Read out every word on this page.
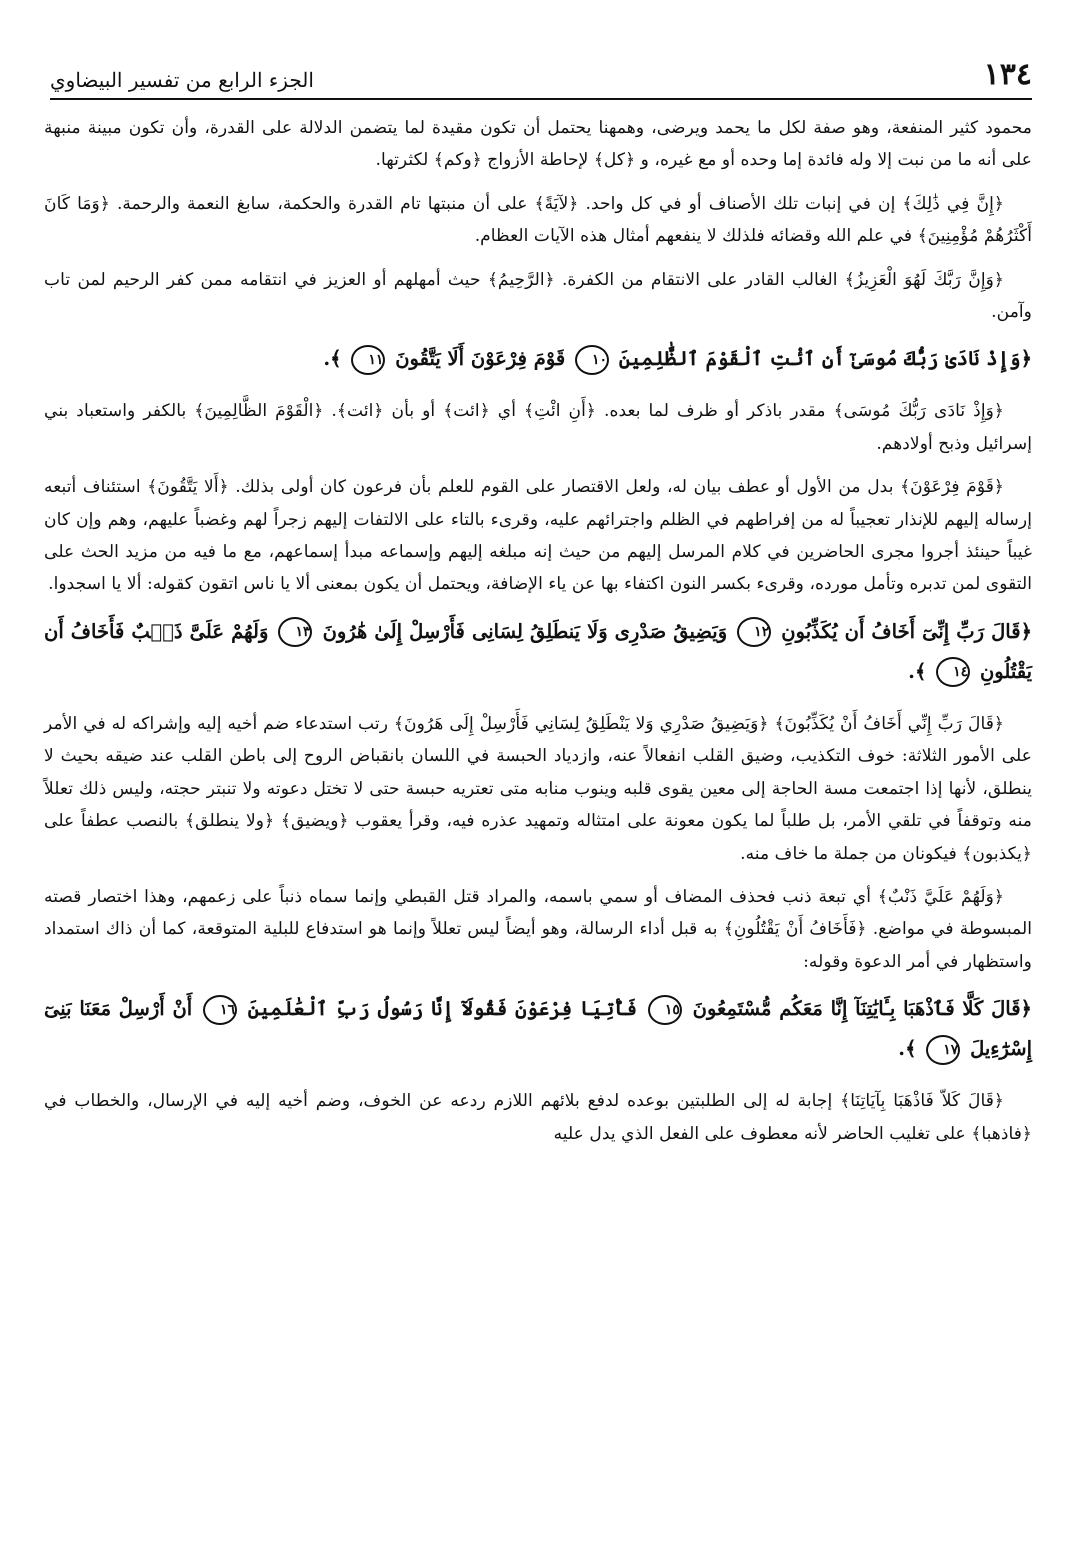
١٣٤
الجزء الرابع من تفسير البيضاوي

محمود كثير المنفعة، وهو صفة لكل ما يحمد ويرضى، وهمهنا يحتمل أن تكون مقيدة لما يتضمن الدلالة على القدرة، وأن تكون مبينة منبهة على أنه ما من نبت إلا وله فائدة إما وحده أو مع غيره، و ﴿كل﴾ لإحاطة الأزواج ﴿وكم﴾ لكثرتها.

﴿إِنَّ فِي ذَٰلِكَ﴾ إن في إنبات تلك الأصناف أو في كل واحد. ﴿لآيَةً﴾ على أن منبتها تام القدرة والحكمة، سابغ النعمة والرحمة. ﴿وَمَا كَانَ أَكْثَرُهُمْ مُؤْمِنِينَ﴾ في علم الله وقضائه فلذلك لا ينفعهم أمثال هذه الآيات العظام.

﴿وَإِنَّ رَبَّكَ لَهُوَ الْعَزِيزُ﴾ الغالب القادر على الانتقام من الكفرة. ﴿الرَّحِيمُ﴾ حيث أمهلهم أو العزيز في انتقامه ممن كفر الرحيم لمن تاب وآمن.

﴿وَإِذْ نَادَىٰ رَبُّكَ مُوسَىٰٓ أَنِ ٱئْتِ ٱلْقَوْمَ ٱلظَّٰلِمِينَ ١٠ قَوْمَ فِرْعَوْنَ أَلَا يَتَّقُونَ ١١ ﴾.

﴿وَإِذْ نَادَى رَبُّكَ مُوسَى﴾ مقدر باذكر أو ظرف لما بعده. ﴿أَنِ ائْتِ﴾ أي ﴿ائت﴾ أو بأن ﴿ائت﴾. ﴿الْقَوْمَ الظَّالِمِينَ﴾ بالكفر واستعباد بني إسرائيل وذبح أولادهم.

﴿قَوْمَ فِرْعَوْنَ﴾ بدل من الأول أو عطف بيان له، ولعل الاقتصار على القوم للعلم بأن فرعون كان أولى بذلك. ﴿أَلا يَتَّقُونَ﴾ استئناف أتبعه إرساله إليهم للإنذار تعجيباً له من إفراطهم في الظلم واجترائهم عليه، وقرىء بالتاء على الالتفات إليهم زجراً لهم وغضباً عليهم، وهم وإن كان غيباً حينئذ أجروا مجرى الحاضرين في كلام المرسل إليهم من حيث إنه مبلغه إليهم وإسماعه مبدأ إسماعهم، مع ما فيه من مزيد الحث على التقوى لمن تدبره وتأمل مورده، وقرىء بكسر النون اكتفاء بها عن ياء الإضافة، ويحتمل أن يكون بمعنى ألا يا ناس اتقون كقوله: ألا يا اسجدوا.

﴿قَالَ رَبِّ إِنِّىٓ أَخَافُ أَن يُكَذِّبُونِ ١٢ وَيَضِيقُ صَدْرِى وَلَا يَنطَلِقُ لِسَانِى فَأَرْسِلْ إِلَىٰ هَٰرُونَ ١٣ وَلَهُمْ عَلَىَّ ذَنۢبٌ فَأَخَافُ أَن يَقْتُلُونِ ١٤ ﴾.

﴿قَالَ رَبِّ إِنِّي أَخَافُ أَنْ يُكَذِّبُونَ﴾ ﴿وَيَضِيقُ صَدْرِي وَلا يَنْطَلِقُ لِسَانِي فَأَرْسِلْ إِلَى هَرُونَ﴾ رتب استدعاء ضم أخيه إليه وإشراكه له في الأمر على الأمور الثلاثة: خوف التكذيب، وضيق القلب انفعالاً عنه، وازدياد الحبسة في اللسان بانقباض الروح إلى باطن القلب عند ضيقه بحيث لا ينطلق، لأنها إذا اجتمعت مسة الحاجة إلى معين يقوى قلبه وينوب منابه متى تعتريه حبسة حتى لا تختل دعوته ولا تنبتر حجته، وليس ذلك تعللاً منه وتوقفاً في تلقي الأمر، بل طلباً لما يكون معونة على امتثاله وتمهيد عذره فيه، وقرأ يعقوب ﴿ويضيق﴾ ﴿ولا ينطلق﴾ بالنصب عطفاً على ﴿يكذبون﴾ فيكونان من جملة ما خاف منه.

﴿وَلَهُمْ عَلَيَّ ذَنْبٌ﴾ أي تبعة ذنب فحذف المضاف أو سمي باسمه، والمراد قتل القبطي وإنما سماه ذنباً على زعمهم، وهذا اختصار قصته المبسوطة في مواضع. ﴿فَأَخَافُ أَنْ يَقْتُلُونِ﴾ به قبل أداء الرسالة، وهو أيضاً ليس تعللاً وإنما هو استدفاع للبلية المتوقعة، كما أن ذاك استمداد واستظهار في أمر الدعوة وقوله:

﴿قَالَ كَلَّا فَٱذْهَبَا بِـَٔايَٰتِنَآ إِنَّا مَعَكُم مُّسْتَمِعُونَ ١٥ فَأْتِيَا فِرْعَوْنَ فَقُولَآ إِنَّا رَسُولُ رَبِّ ٱلْعَٰلَمِينَ ١٦ أَنْ أَرْسِلْ مَعَنَا بَنِىٓ إِسْرَٰٓءِيلَ ١٧ ﴾.

﴿قَالَ كَلاّ فَاذْهَبَا بِآيَاتِنَا﴾ إجابة له إلى الطلبتين بوعده لدفع بلائهم اللازم ردعه عن الخوف، وضم أخيه إليه في الإرسال، والخطاب في ﴿فاذهبا﴾ على تغليب الحاضر لأنه معطوف على الفعل الذي يدل عليه
